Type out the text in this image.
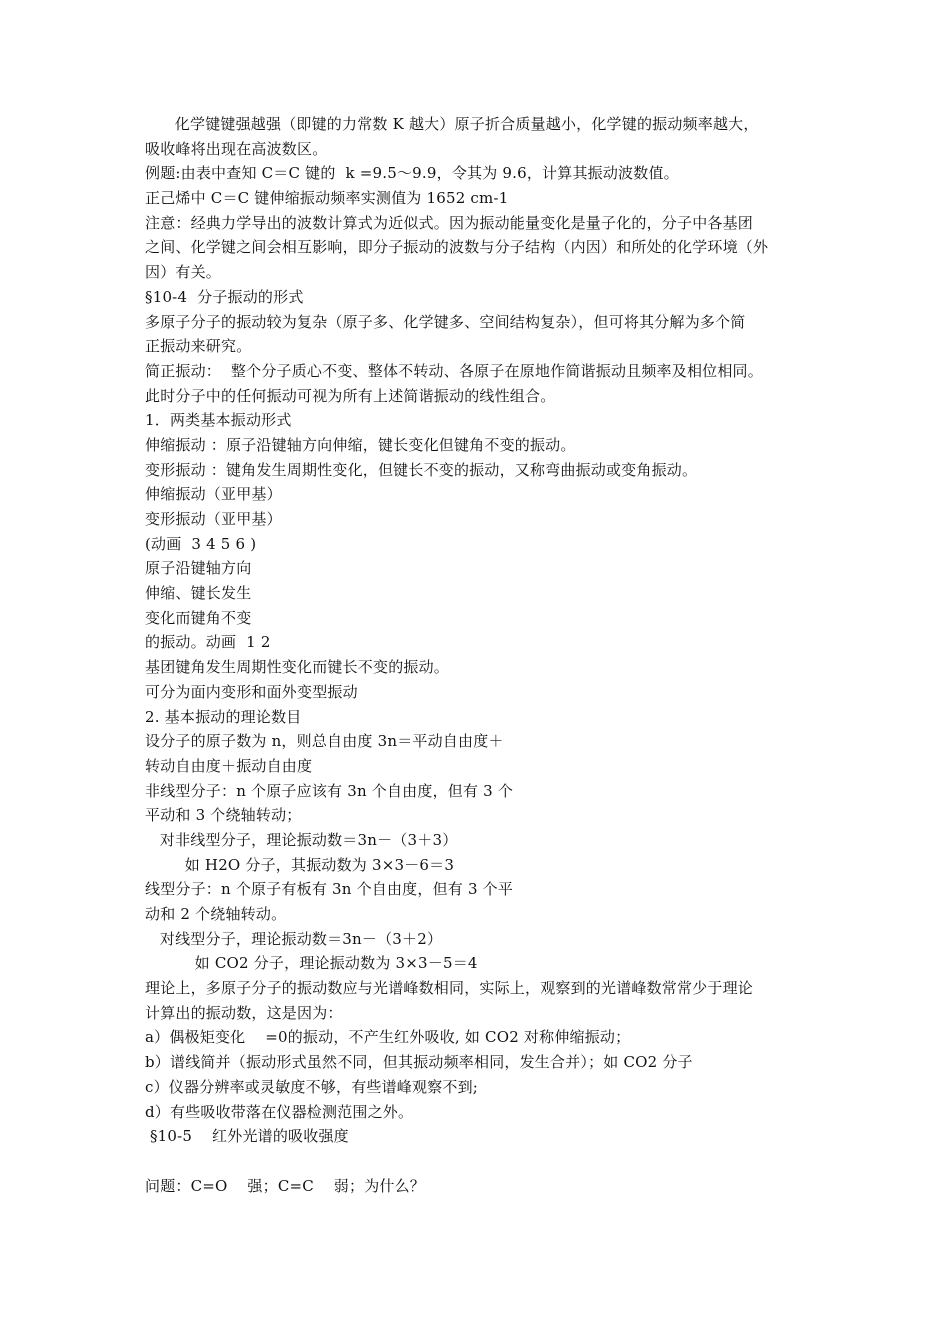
化学键键强越强（即键的力常数 K 越大）原子折合质量越小，化学键的振动频率越大，
吸收峰将出现在高波数区。
例题:由表中查知 C＝C 键的  k =9.5～9.9，令其为 9.6，计算其振动波数值。
正己烯中 C＝C 键伸缩振动频率实测值为 1652 cm-1
注意：经典力学导出的波数计算式为近似式。因为振动能量变化是量子化的，分子中各基团
之间、化学键之间会相互影响，即分子振动的波数与分子结构（内因）和所处的化学环境（外
因）有关。
§10-4  分子振动的形式
多原子分子的振动较为复杂（原子多、化学键多、空间结构复杂），但可将其分解为多个简
正振动来研究。
简正振动：  整个分子质心不变、整体不转动、各原子在原地作简谐振动且频率及相位相同。
此时分子中的任何振动可视为所有上述简谐振动的线性组合。
1．两类基本振动形式
伸缩振动 ：原子沿键轴方向伸缩，键长变化但键角不变的振动。
变形振动 ：键角发生周期性变化，但键长不变的振动，又称弯曲振动或变角振动。
伸缩振动（亚甲基）
变形振动（亚甲基）
(动画  3 4 5 6 )
原子沿键轴方向
伸缩、键长发生
变化而键角不变
的振动。动画  1 2
基团键角发生周期性变化而键长不变的振动。
可分为面内变形和面外变型振动
2. 基本振动的理论数目
设分子的原子数为 n，则总自由度 3n＝平动自由度＋
转动自由度＋振动自由度
非线型分子：n 个原子应该有 3n 个自由度，但有 3 个
平动和 3 个绕轴转动；
对非线型分子，理论振动数＝3n－（3＋3）
如 H2O 分子，其振动数为 3×3－6＝3
线型分子：n 个原子有板有 3n 个自由度，但有 3 个平
动和 2 个绕轴转动。
对线型分子，理论振动数＝3n－（3＋2）
如 CO2 分子，理论振动数为 3×3－5＝4
理论上，多原子分子的振动数应与光谱峰数相同，实际上，观察到的光谱峰数常常少于理论
计算出的振动数，这是因为：
a）偶极矩变化    =0的振动，不产生红外吸收, 如 CO2 对称伸缩振动；
b）谱线简并（振动形式虽然不同，但其振动频率相同，发生合并）；如 CO2 分子
c）仪器分辨率或灵敏度不够，有些谱峰观察不到;
d）有些吸收带落在仪器检测范围之外。
§10-5    红外光谱的吸收强度
问题：C=O    强；C=C    弱；为什么？
